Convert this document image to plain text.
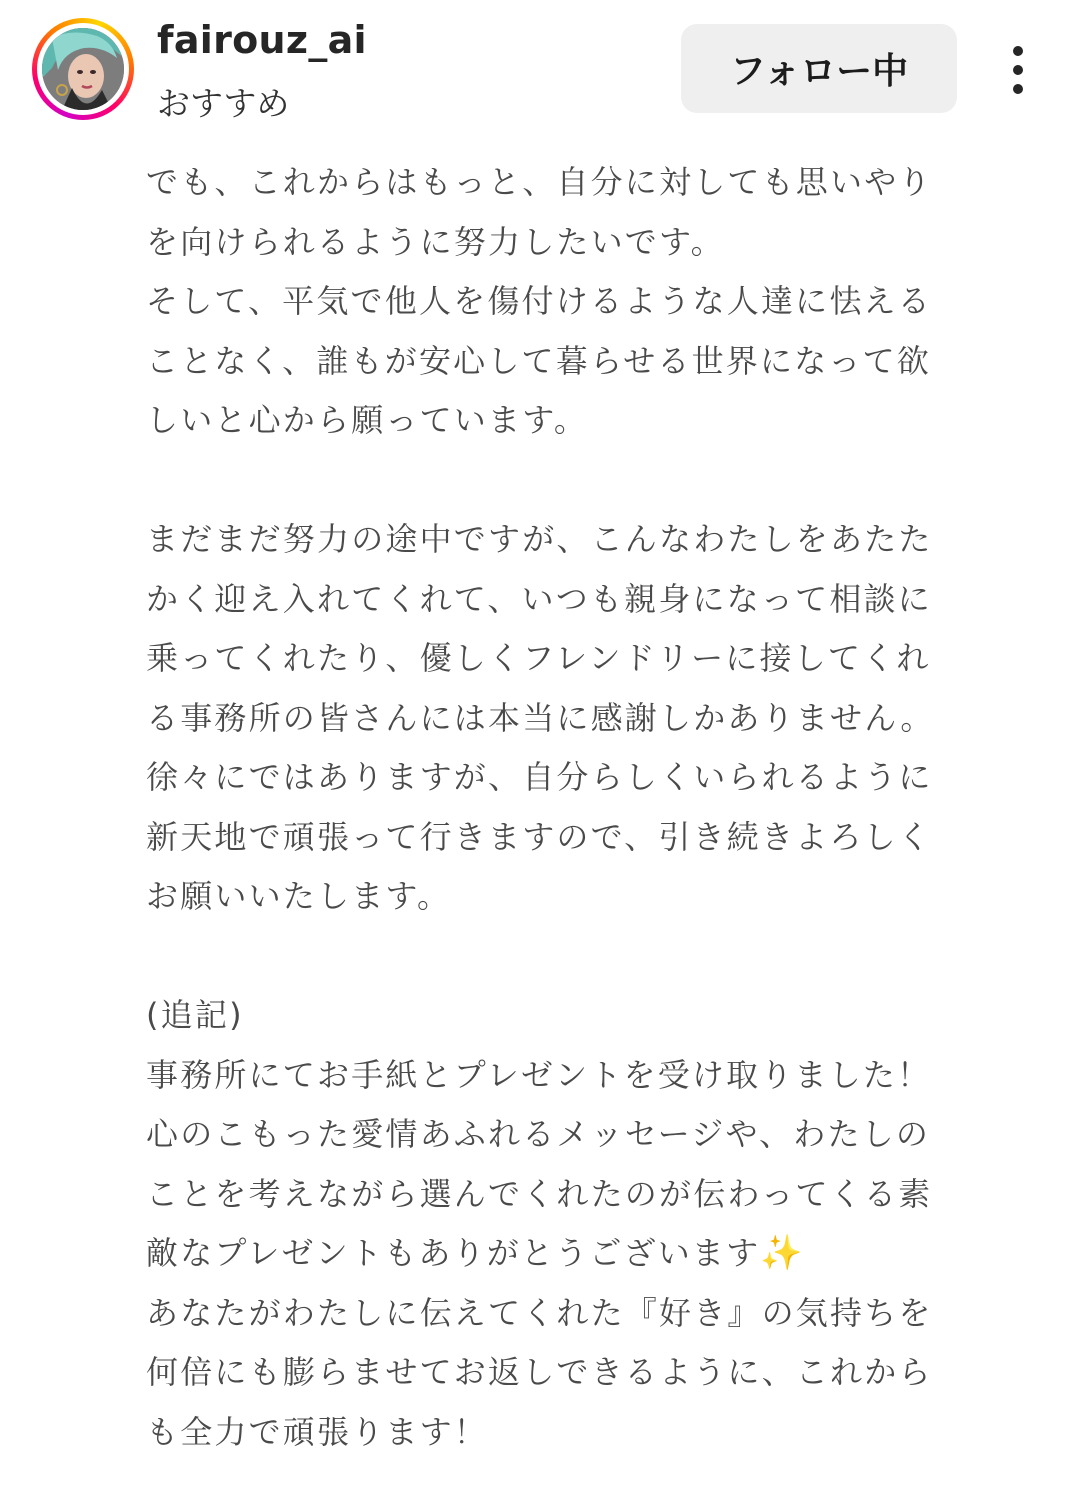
fairouz_ai
おすすめ
フォロー中

でも、これからはもっと、自分に対しても思いやり

を向けられるように努力したいです。

そして、平気で他人を傷付けるような人達に怯える

ことなく、誰もが安心して暮らせる世界になって欲

しいと心から願っています。

まだまだ努力の途中ですが、こんなわたしをあたた

かく迎え入れてくれて、いつも親身になって相談に

乗ってくれたり、優しくフレンドリーに接してくれ

る事務所の皆さんには本当に感謝しかありません。

徐々にではありますが、自分らしくいられるように

新天地で頑張って行きますので、引き続きよろしく

お願いいたします。

(追記)

事務所にてお手紙とプレゼントを受け取りました！

心のこもった愛情あふれるメッセージや、わたしの

ことを考えながら選んでくれたのが伝わってくる素

敵なプレゼントもありがとうございます✨

あなたがわたしに伝えてくれた『好き』の気持ちを

何倍にも膨らませてお返しできるように、これから

も全力で頑張ります！
